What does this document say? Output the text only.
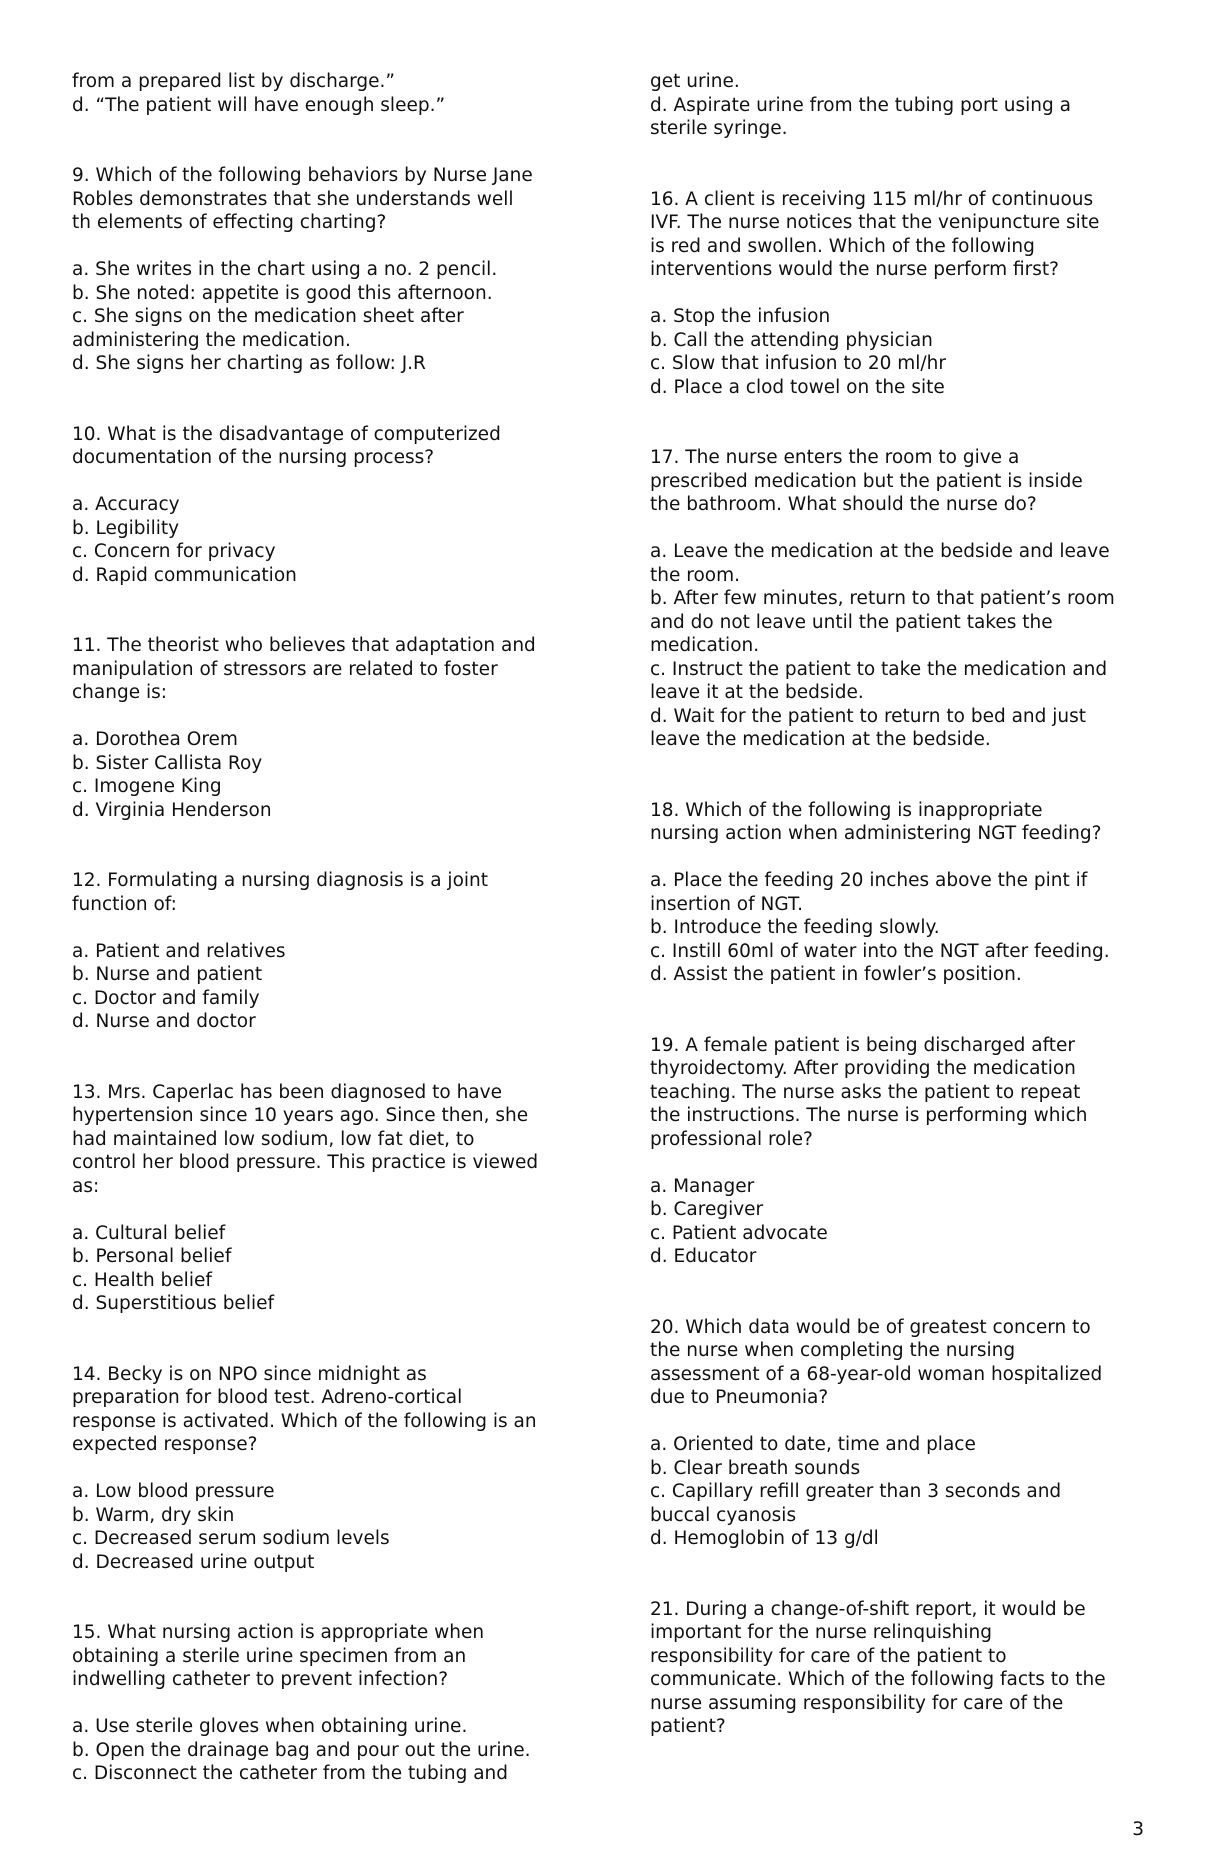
from a prepared list by discharge.”
d. “The patient will have enough sleep.”
9. Which of the following behaviors by Nurse Jane
Robles demonstrates that she understands well
th elements of effecting charting?
a. She writes in the chart using a no. 2 pencil.
b. She noted: appetite is good this afternoon.
c. She signs on the medication sheet after
administering the medication.
d. She signs her charting as follow: J.R
10. What is the disadvantage of computerized
documentation of the nursing process?
a. Accuracy
b. Legibility
c. Concern for privacy
d. Rapid communication
11. The theorist who believes that adaptation and
manipulation of stressors are related to foster
change is:
a. Dorothea Orem
b. Sister Callista Roy
c. Imogene King
d. Virginia Henderson
12. Formulating a nursing diagnosis is a joint
function of:
a. Patient and relatives
b. Nurse and patient
c. Doctor and family
d. Nurse and doctor
13. Mrs. Caperlac has been diagnosed to have
hypertension since 10 years ago. Since then, she
had maintained low sodium, low fat diet, to
control her blood pressure. This practice is viewed
as:
a. Cultural belief
b. Personal belief
c. Health belief
d. Superstitious belief
14. Becky is on NPO since midnight as
preparation for blood test. Adreno-cortical
response is activated. Which of the following is an
expected response?
a. Low blood pressure
b. Warm, dry skin
c. Decreased serum sodium levels
d. Decreased urine output
15. What nursing action is appropriate when
obtaining a sterile urine specimen from an
indwelling catheter to prevent infection?
a. Use sterile gloves when obtaining urine.
b. Open the drainage bag and pour out the urine.
c. Disconnect the catheter from the tubing and
get urine.
d. Aspirate urine from the tubing port using a
sterile syringe.
16. A client is receiving 115 ml/hr of continuous
IVF. The nurse notices that the venipuncture site
is red and swollen. Which of the following
interventions would the nurse perform first?
a. Stop the infusion
b. Call the attending physician
c. Slow that infusion to 20 ml/hr
d. Place a clod towel on the site
17. The nurse enters the room to give a
prescribed medication but the patient is inside
the bathroom. What should the nurse do?
a. Leave the medication at the bedside and leave
the room.
b. After few minutes, return to that patient’s room
and do not leave until the patient takes the
medication.
c. Instruct the patient to take the medication and
leave it at the bedside.
d. Wait for the patient to return to bed and just
leave the medication at the bedside.
18. Which of the following is inappropriate
nursing action when administering NGT feeding?
a. Place the feeding 20 inches above the pint if
insertion of NGT.
b. Introduce the feeding slowly.
c. Instill 60ml of water into the NGT after feeding.
d. Assist the patient in fowler’s position.
19. A female patient is being discharged after
thyroidectomy. After providing the medication
teaching. The nurse asks the patient to repeat
the instructions. The nurse is performing which
professional role?
a. Manager
b. Caregiver
c. Patient advocate
d. Educator
20. Which data would be of greatest concern to
the nurse when completing the nursing
assessment of a 68-year-old woman hospitalized
due to Pneumonia?
a. Oriented to date, time and place
b. Clear breath sounds
c. Capillary refill greater than 3 seconds and
buccal cyanosis
d. Hemoglobin of 13 g/dl
21. During a change-of-shift report, it would be
important for the nurse relinquishing
responsibility for care of the patient to
communicate. Which of the following facts to the
nurse assuming responsibility for care of the
patient?
3
